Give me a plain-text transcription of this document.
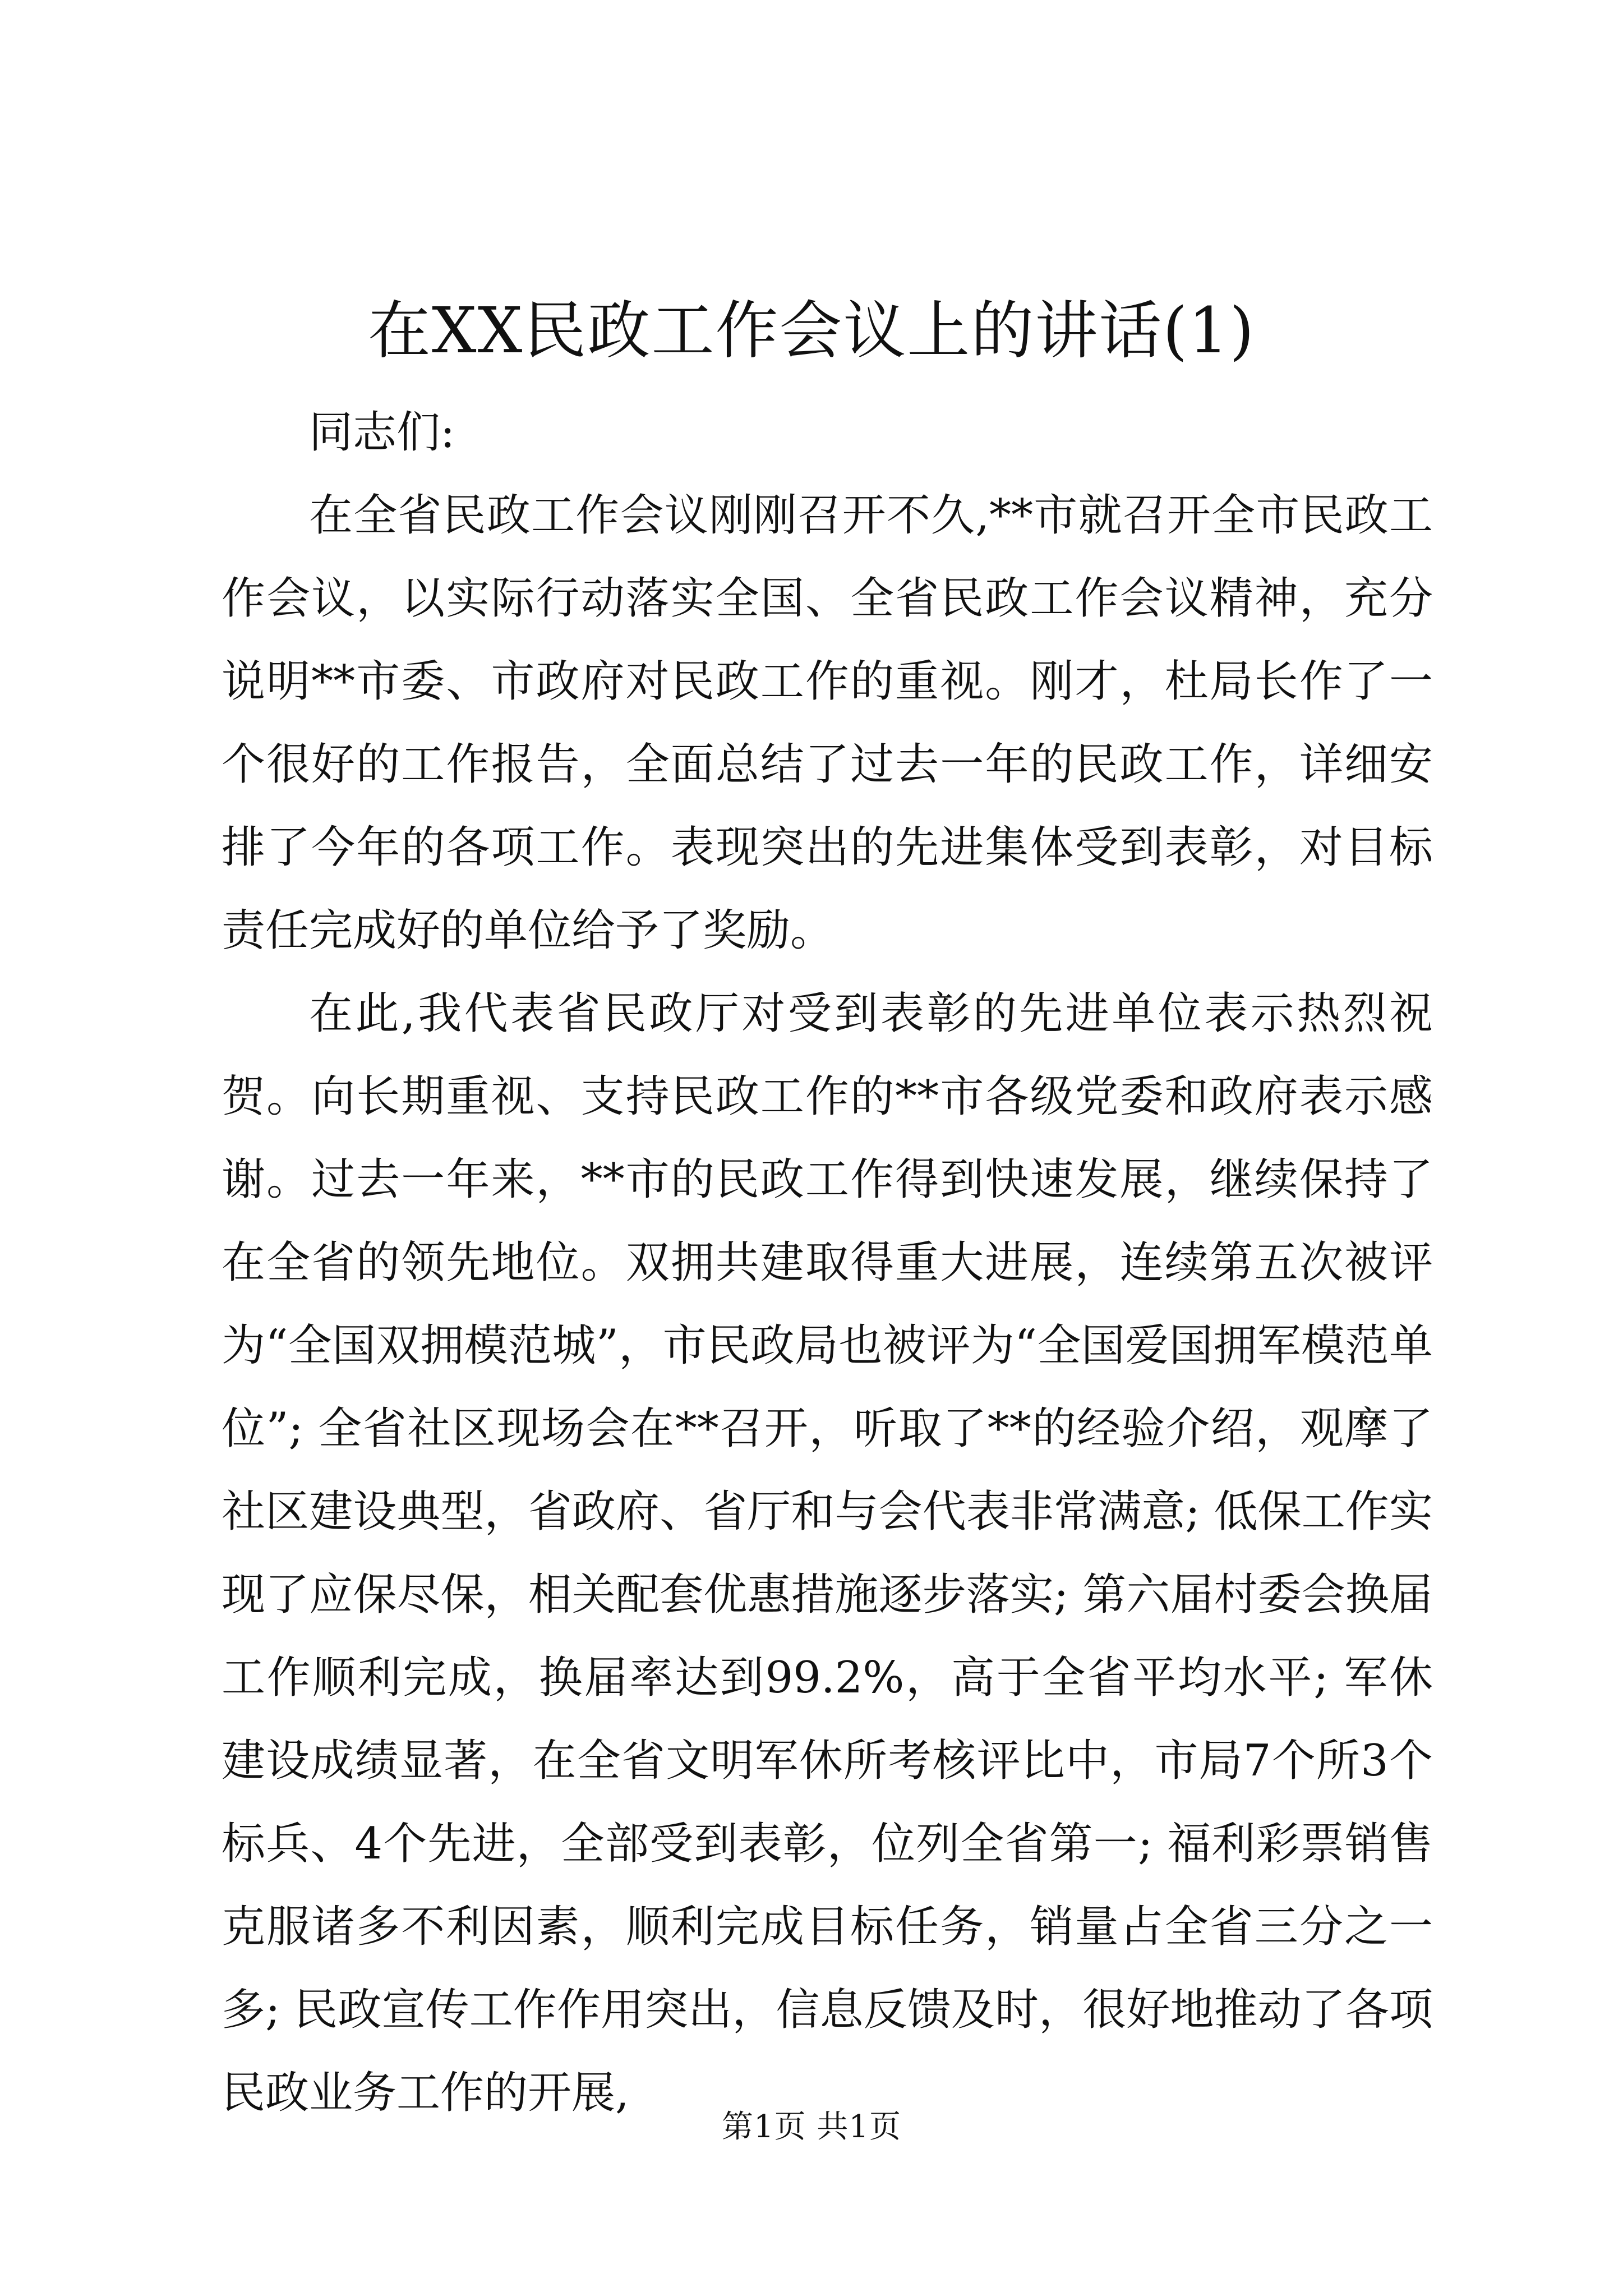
在XX民政工作会议上的讲话(1)

同志们:

在全省民政工作会议刚刚召开不久,**市就召开全市民政工作会议，以实际行动落实全国、全省民政工作会议精神，充分说明**市委、市政府对民政工作的重视。刚才，杜局长作了一个很好的工作报告，全面总结了过去一年的民政工作，详细安排了今年的各项工作。表现突出的先进集体受到表彰，对目标责任完成好的单位给予了奖励。

在此,我代表省民政厅对受到表彰的先进单位表示热烈祝贺。向长期重视、支持民政工作的**市各级党委和政府表示感谢。过去一年来，**市的民政工作得到快速发展，继续保持了在全省的领先地位。双拥共建取得重大进展，连续第五次被评为“全国双拥模范城”，市民政局也被评为“全国爱国拥军模范单位”; 全省社区现场会在**召开，听取了**的经验介绍，观摩了社区建设典型，省政府、省厅和与会代表非常满意; 低保工作实现了应保尽保，相关配套优惠措施逐步落实; 第六届村委会换届工作顺利完成，换届率达到99.2%，高于全省平均水平; 军休建设成绩显著，在全省文明军休所考核评比中，市局7个所3个标兵、4个先进，全部受到表彰，位列全省第一; 福利彩票销售克服诸多不利因素，顺利完成目标任务，销量占全省三分之一多; 民政宣传工作作用突出，信息反馈及时，很好地推动了各项民政业务工作的开展,

第1页 共1页
